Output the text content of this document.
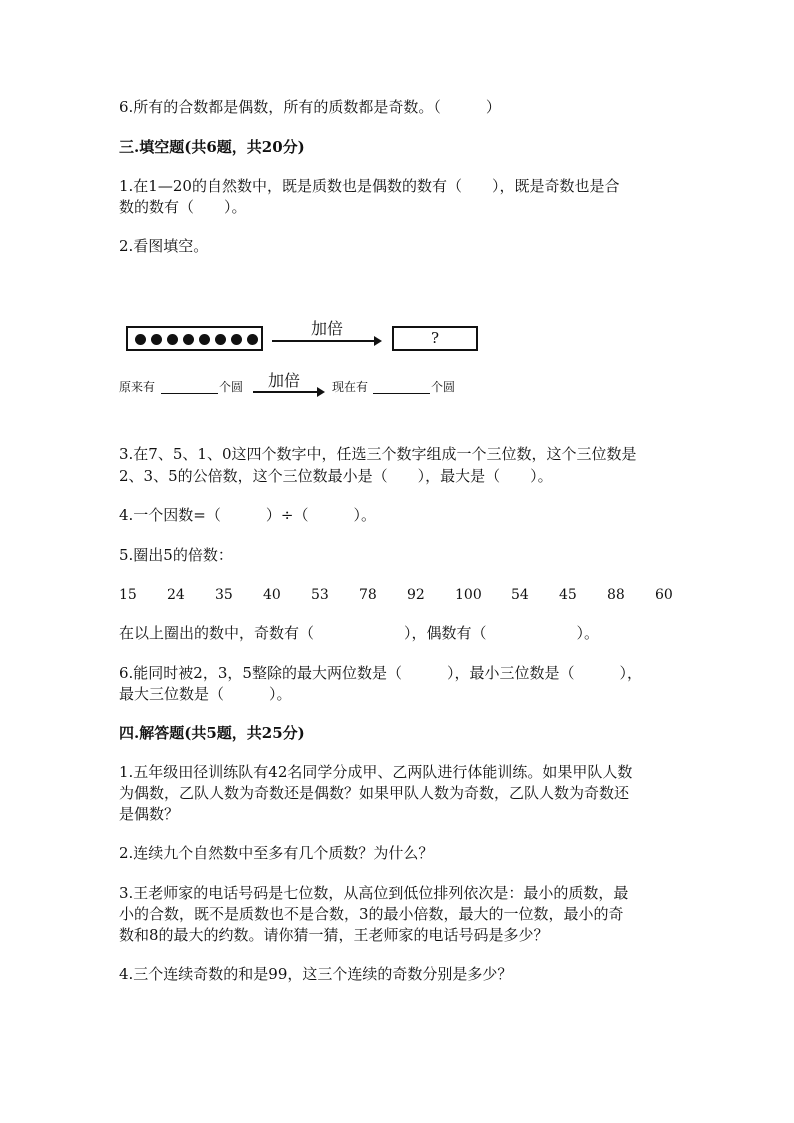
6.所有的合数都是偶数，所有的质数都是奇数。（　　　）
三.填空题(共6题，共20分)
1.在1—20的自然数中，既是质数也是偶数的数有（　　），既是奇数也是合
数的数有（　　）。
2.看图填空。
加倍	?
原来有	个圆 加倍	现在有	个圆
3.在7、5、1、0这四个数字中，任选三个数字组成一个三位数，这个三位数是
2、3、5的公倍数，这个三位数最小是（　　），最大是（　　）。
4.一个因数=（　　　）÷（　　　）。
5.圈出5的倍数：
15 24 35 40 53 78 92 100 54 45 88 60
在以上圈出的数中，奇数有（　　　　　　），偶数有（　　　　　　）。
6.能同时被2，3，5整除的最大两位数是（　　　），最小三位数是（　　　），
最大三位数是（　　　）。
四.解答题(共5题，共25分)
1.五年级田径训练队有42名同学分成甲、乙两队进行体能训练。如果甲队人数
为偶数，乙队人数为奇数还是偶数？如果甲队人数为奇数，乙队人数为奇数还
是偶数？
2.连续九个自然数中至多有几个质数？为什么？
3.王老师家的电话号码是七位数，从高位到低位排列依次是：最小的质数，最
小的合数，既不是质数也不是合数，3的最小倍数，最大的一位数，最小的奇
数和8的最大的约数。请你猜一猜，王老师家的电话号码是多少？
4.三个连续奇数的和是99，这三个连续的奇数分别是多少？
